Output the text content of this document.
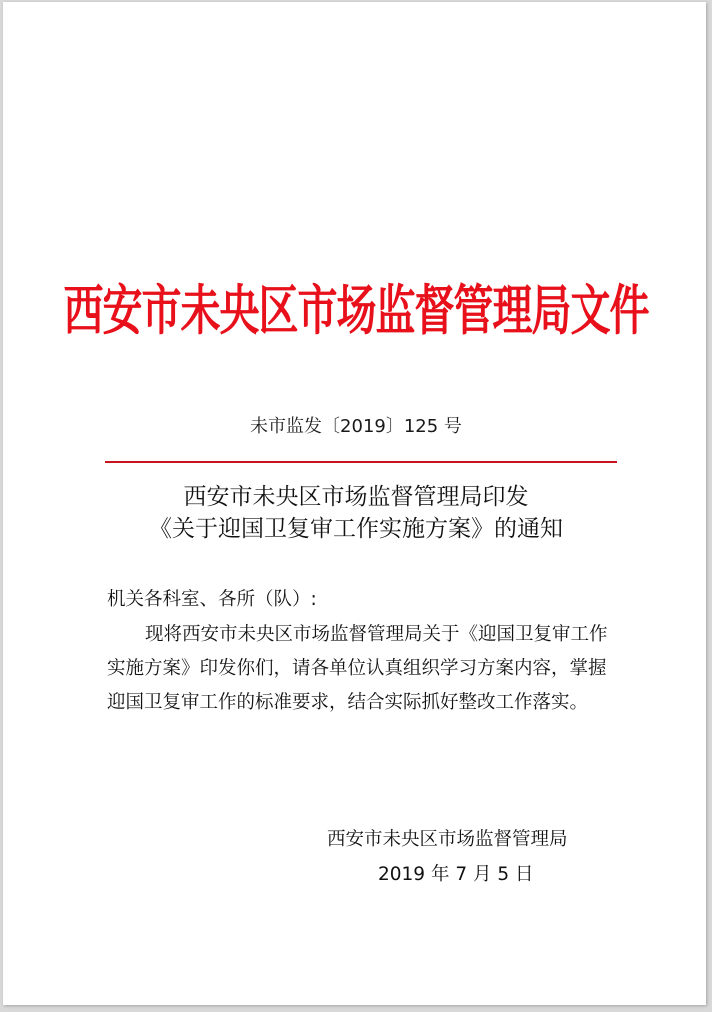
西安市未央区市场监督管理局文件
未市监发〔2019〕125 号
西安市未央区市场监督管理局印发
《关于迎国卫复审工作实施方案》的通知
机关各科室、各所（队）:
现将西安市未央区市场监督管理局关于《迎国卫复审工作
实施方案》印发你们，请各单位认真组织学习方案内容，掌握
迎国卫复审工作的标准要求，结合实际抓好整改工作落实。
西安市未央区市场监督管理局
2019 年 7 月 5 日
